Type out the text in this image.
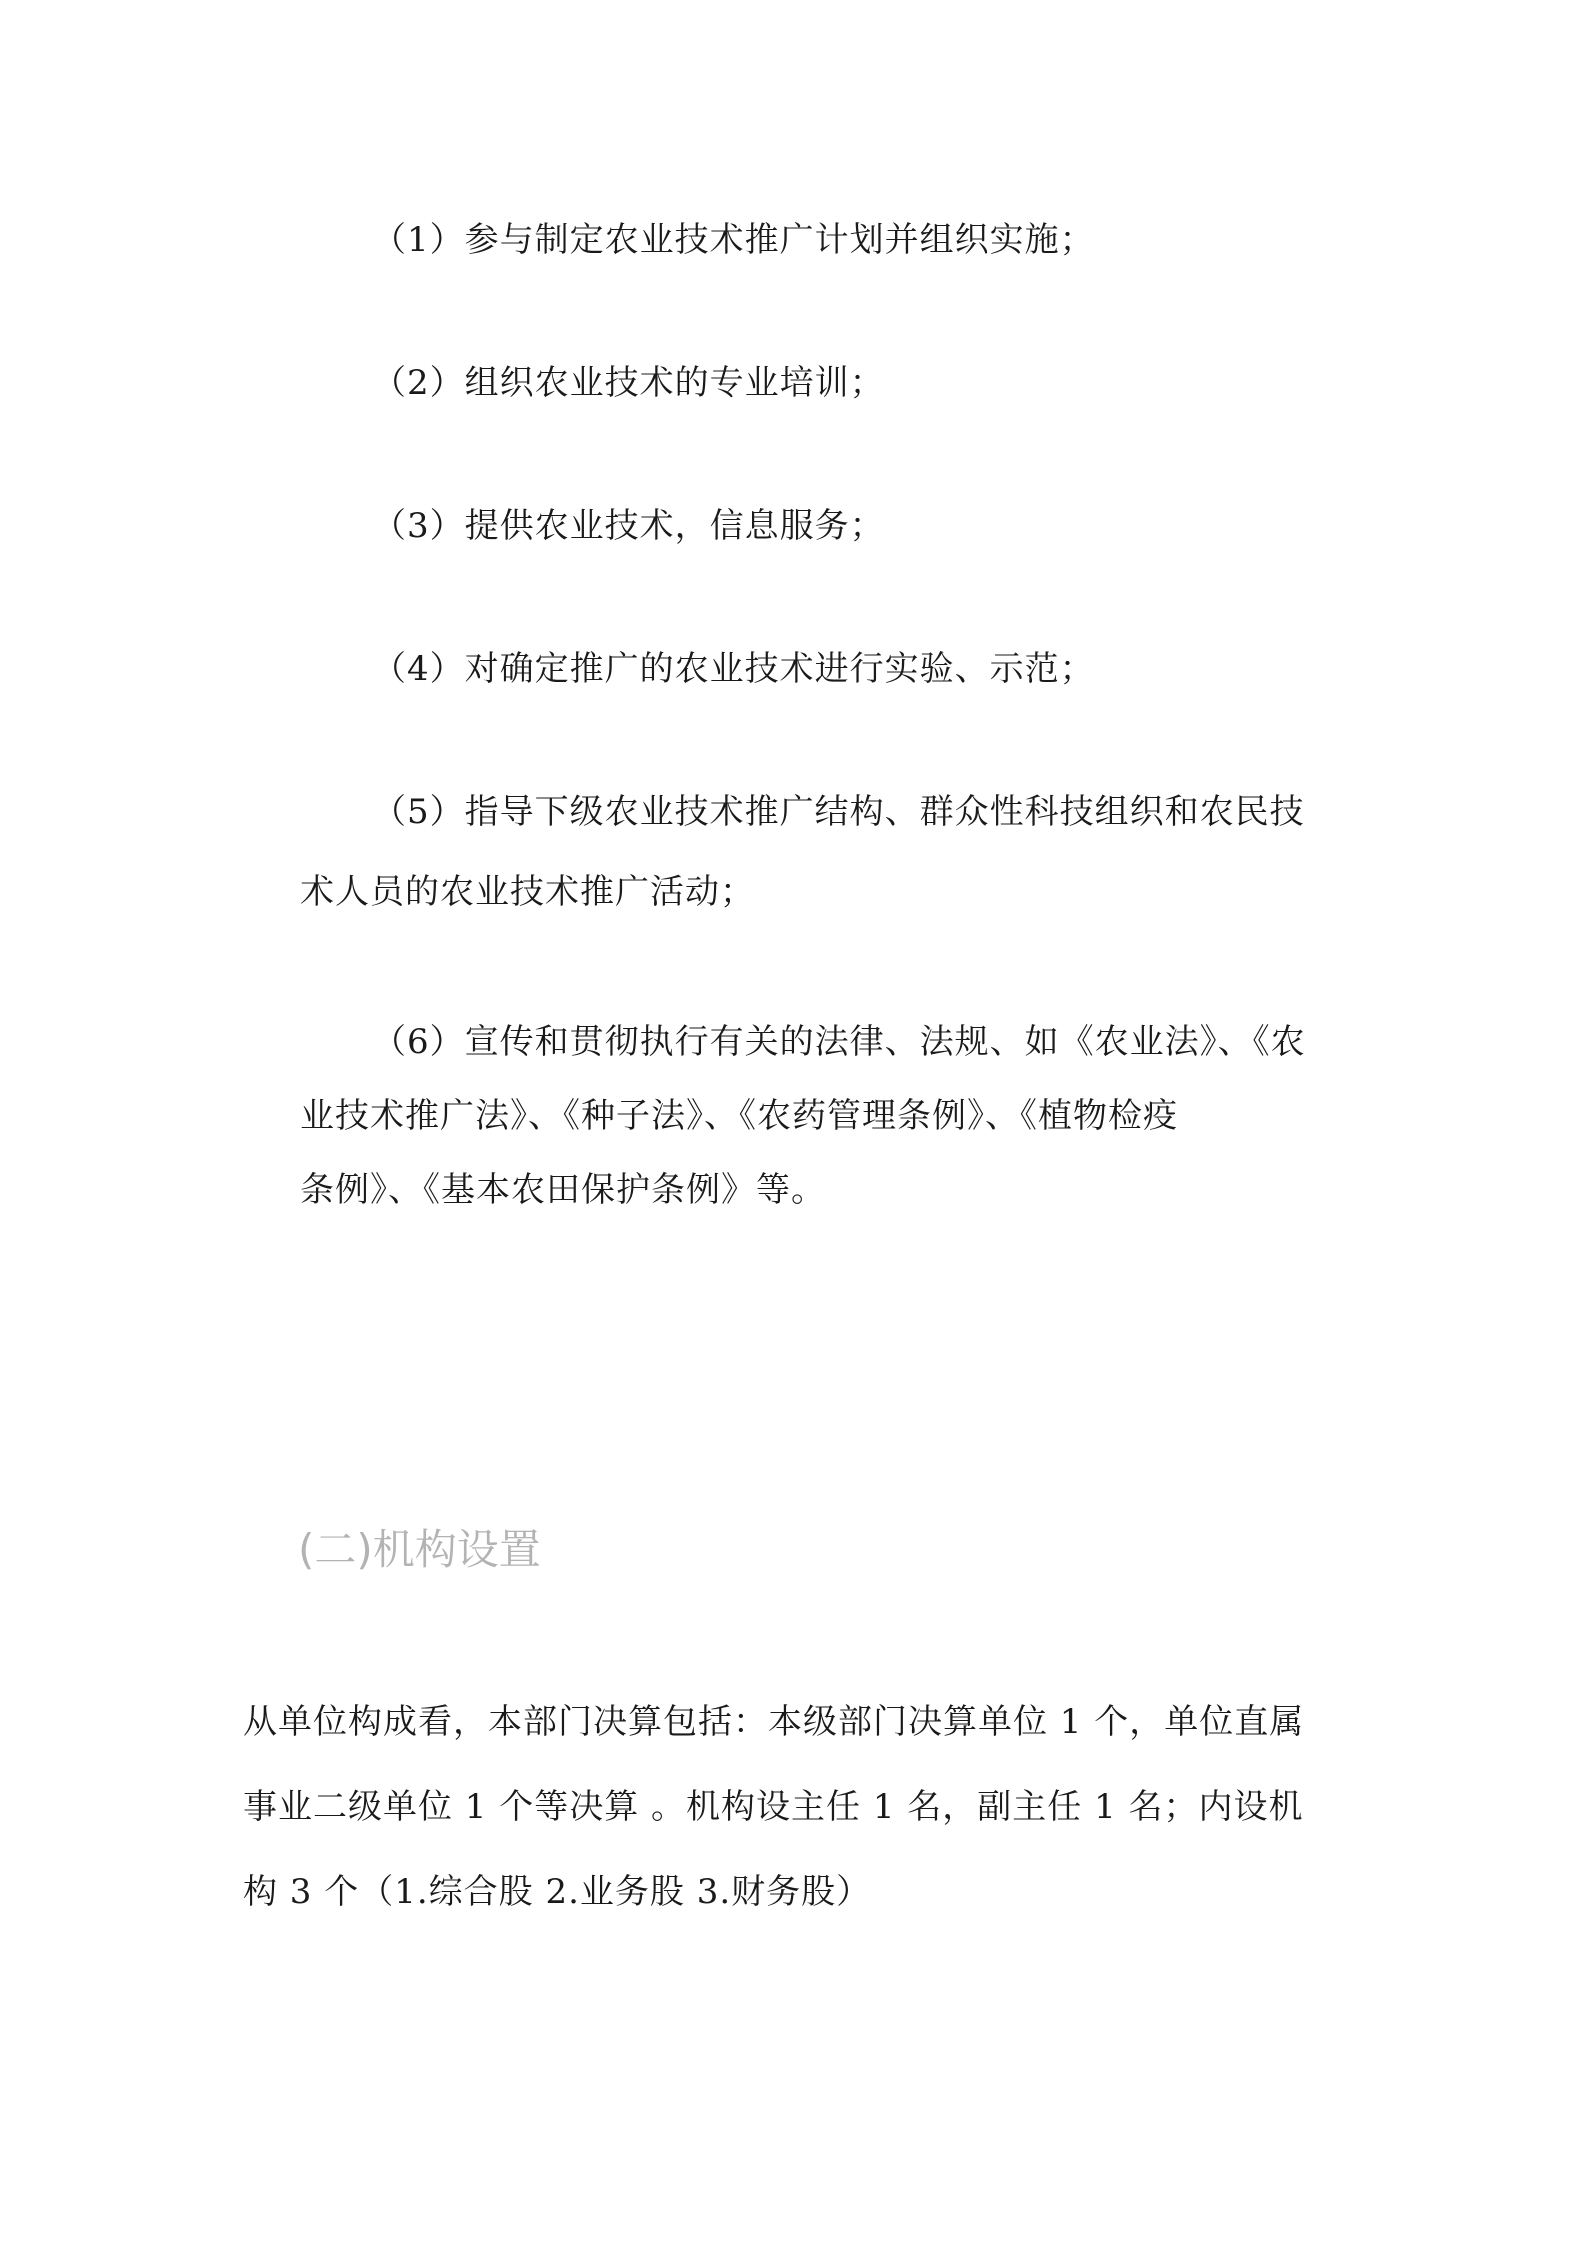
（1）参与制定农业技术推广计划并组织实施；

（2）组织农业技术的专业培训；

（3）提供农业技术，信息服务；

（4）对确定推广的农业技术进行实验、示范；

（5）指导下级农业技术推广结构、群众性科技组织和农民技
术人员的农业技术推广活动；

（6）宣传和贯彻执行有关的法律、法规、如《农业法》、《农
业技术推广法》、《种子法》、《农药管理条例》、《植物检疫
条例》、《基本农田保护条例》等。

(二)机构设置

从单位构成看，本部门决算包括：本级部门决算单位 1 个，单位直属
事业二级单位 1 个等决算 。机构设主任 1 名，副主任 1 名；内设机
构 3 个（1.综合股 2.业务股 3.财务股）
